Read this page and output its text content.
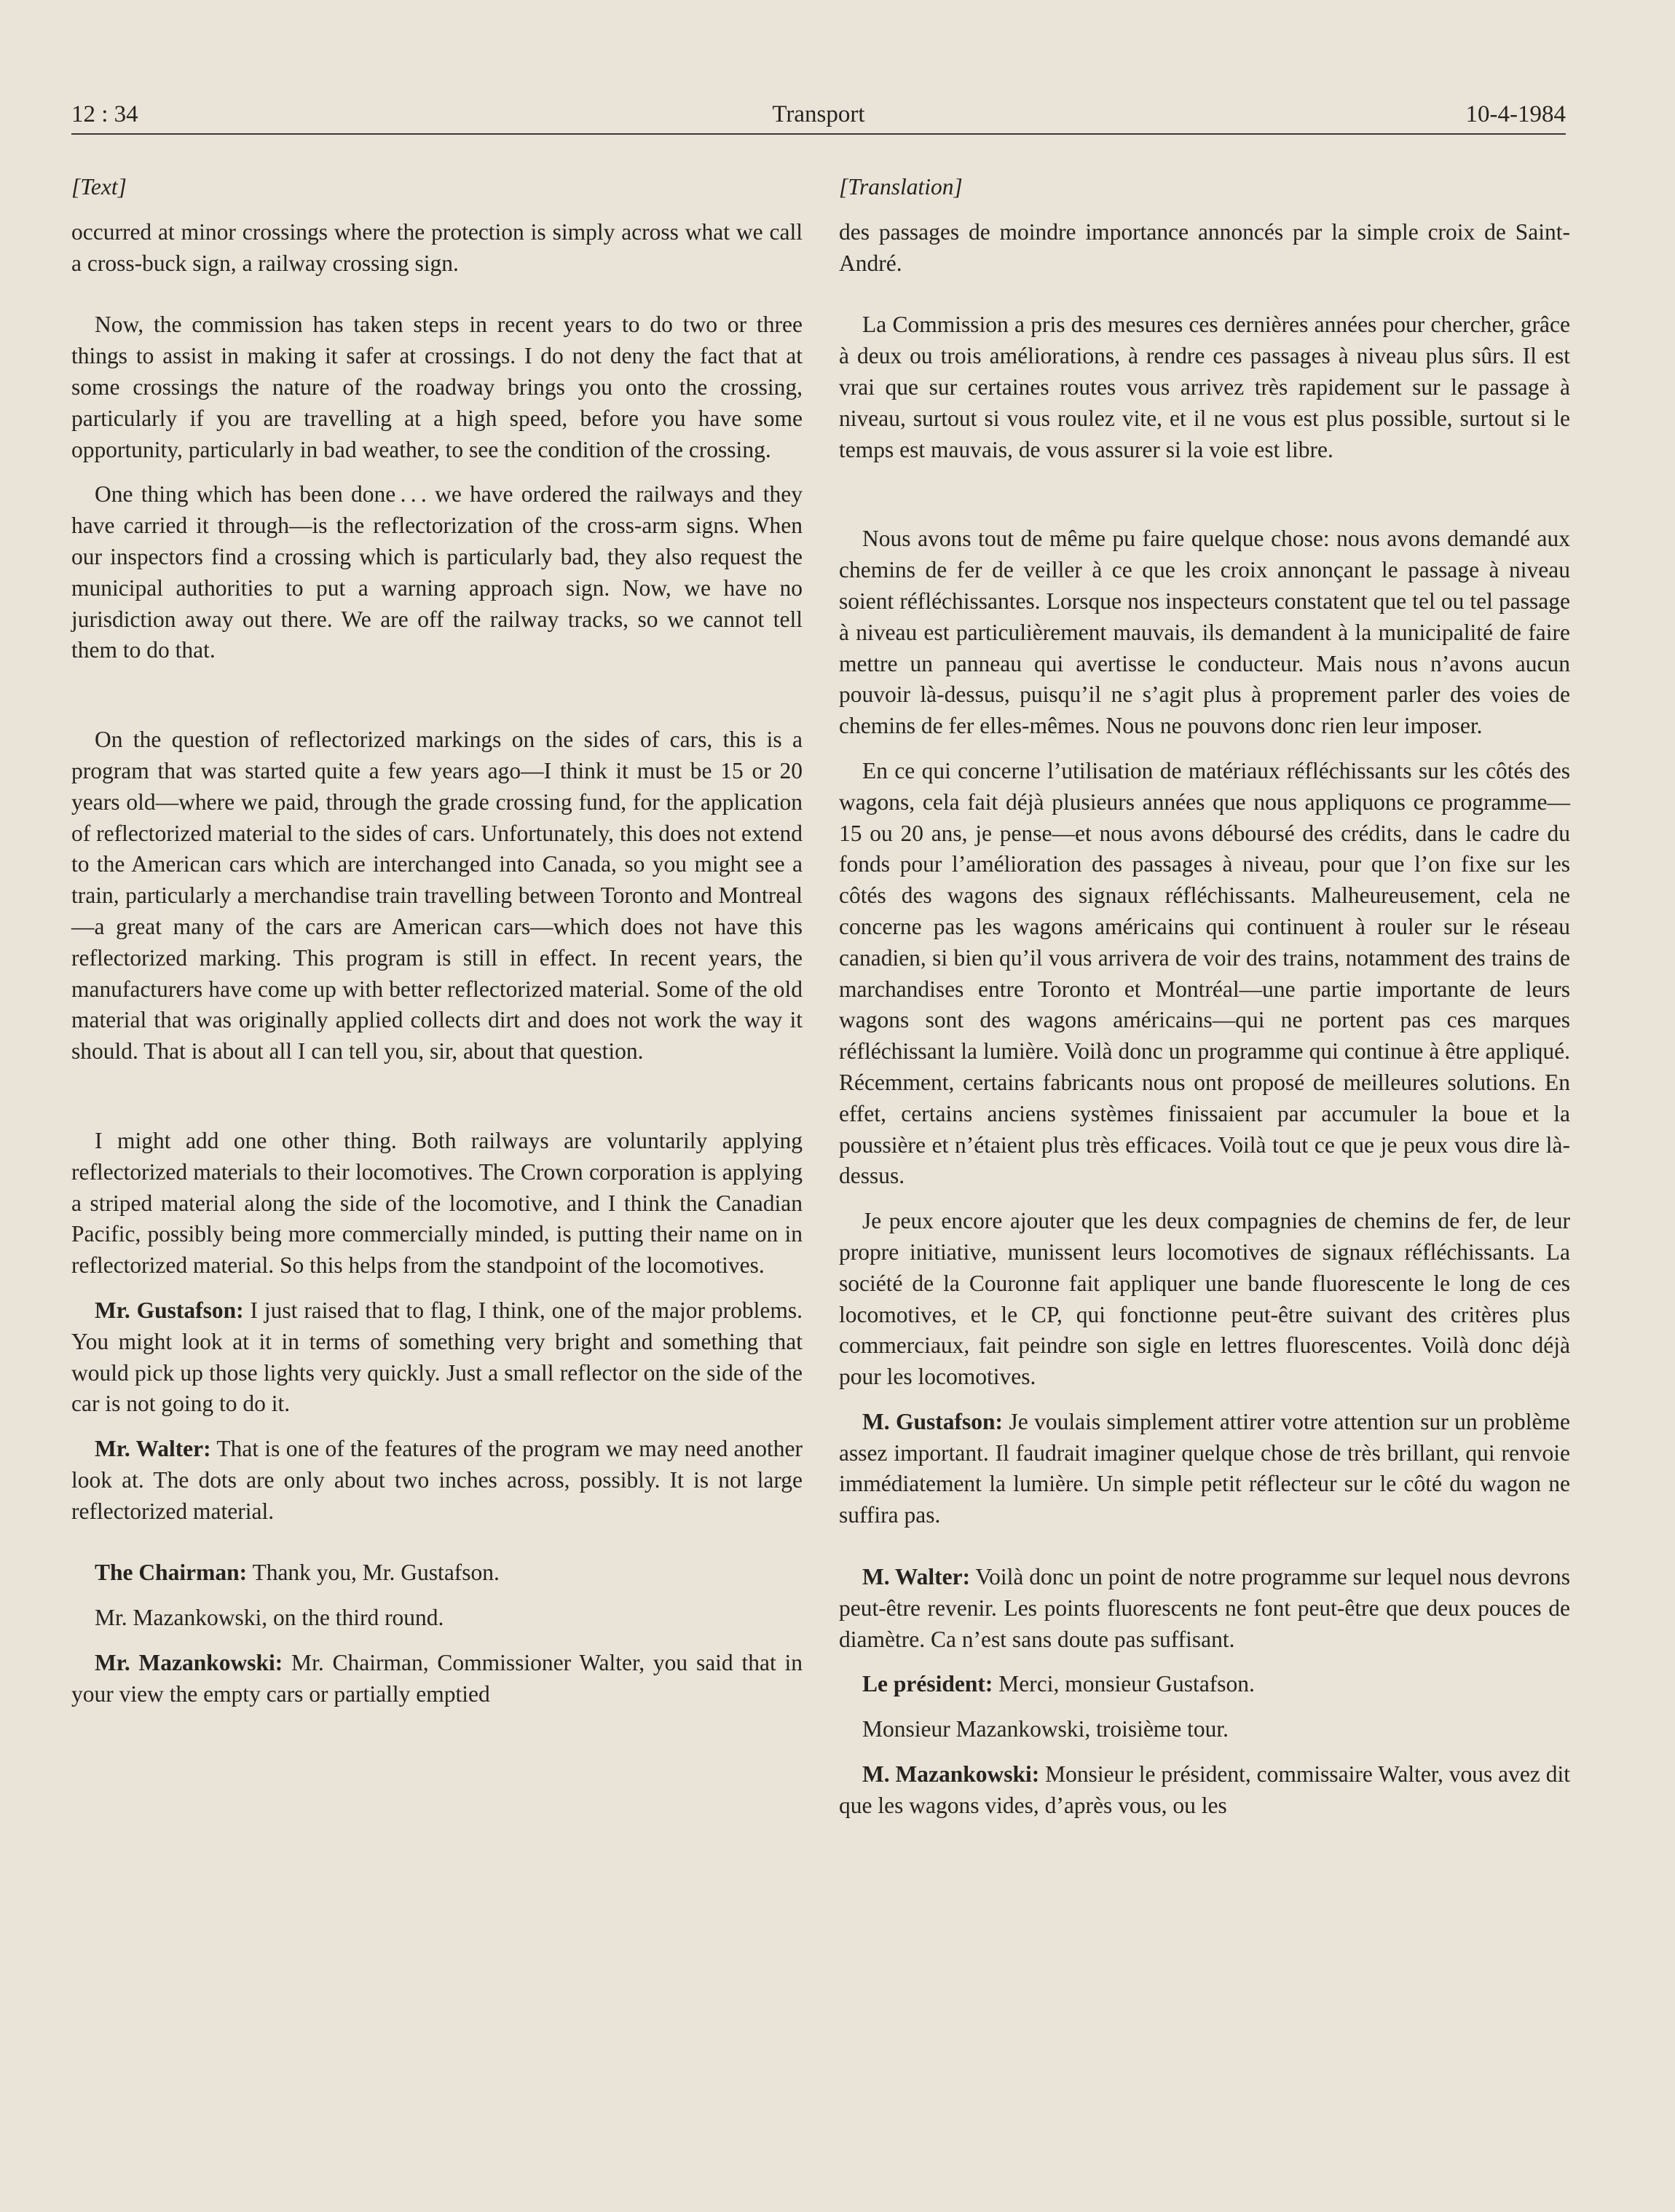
12 : 34	Transport	10-4-1984

[Text]

occurred at minor crossings where the protection is simply across what we call a cross-buck sign, a railway crossing sign.

Now, the commission has taken steps in recent years to do two or three things to assist in making it safer at crossings. I do not deny the fact that at some crossings the nature of the roadway brings you onto the crossing, particularly if you are travelling at a high speed, before you have some opportunity, particularly in bad weather, to see the condition of the crossing.

One thing which has been done . . . we have ordered the railways and they have carried it through—is the reflectorization of the cross-arm signs. When our inspectors find a crossing which is particularly bad, they also request the municipal authorities to put a warning approach sign. Now, we have no jurisdiction away out there. We are off the railway tracks, so we cannot tell them to do that.

On the question of reflectorized markings on the sides of cars, this is a program that was started quite a few years ago—I think it must be 15 or 20 years old—where we paid, through the grade crossing fund, for the application of reflectorized material to the sides of cars. Unfortunately, this does not extend to the American cars which are interchanged into Canada, so you might see a train, particularly a merchandise train travelling between Toronto and Montreal—a great many of the cars are American cars—which does not have this reflectorized marking. This program is still in effect. In recent years, the manufacturers have come up with better reflectorized material. Some of the old material that was originally applied collects dirt and does not work the way it should. That is about all I can tell you, sir, about that question.

I might add one other thing. Both railways are voluntarily applying reflectorized materials to their locomotives. The Crown corporation is applying a striped material along the side of the locomotive, and I think the Canadian Pacific, possibly being more commercially minded, is putting their name on in reflectorized material. So this helps from the standpoint of the locomotives.

Mr. Gustafson: I just raised that to flag, I think, one of the major problems. You might look at it in terms of something very bright and something that would pick up those lights very quickly. Just a small reflector on the side of the car is not going to do it.

Mr. Walter: That is one of the features of the program we may need another look at. The dots are only about two inches across, possibly. It is not large reflectorized material.

The Chairman: Thank you, Mr. Gustafson.

Mr. Mazankowski, on the third round.

Mr. Mazankowski: Mr. Chairman, Commissioner Walter, you said that in your view the empty cars or partially emptied

[Translation]

des passages de moindre importance annoncés par la simple croix de Saint-André.

La Commission a pris des mesures ces dernières années pour chercher, grâce à deux ou trois améliorations, à rendre ces passages à niveau plus sûrs. Il est vrai que sur certaines routes vous arrivez très rapidement sur le passage à niveau, surtout si vous roulez vite, et il ne vous est plus possible, surtout si le temps est mauvais, de vous assurer si la voie est libre.

Nous avons tout de même pu faire quelque chose: nous avons demandé aux chemins de fer de veiller à ce que les croix annonçant le passage à niveau soient réfléchissantes. Lorsque nos inspecteurs constatent que tel ou tel passage à niveau est particulièrement mauvais, ils demandent à la municipalité de faire mettre un panneau qui avertisse le conducteur. Mais nous n’avons aucun pouvoir là-dessus, puisqu’il ne s’agit plus à proprement parler des voies de chemins de fer elles-mêmes. Nous ne pouvons donc rien leur imposer.

En ce qui concerne l’utilisation de matériaux réfléchissants sur les côtés des wagons, cela fait déjà plusieurs années que nous appliquons ce programme—15 ou 20 ans, je pense—et nous avons déboursé des crédits, dans le cadre du fonds pour l’amélioration des passages à niveau, pour que l’on fixe sur les côtés des wagons des signaux réfléchissants. Malheureusement, cela ne concerne pas les wagons américains qui continuent à rouler sur le réseau canadien, si bien qu’il vous arrivera de voir des trains, notamment des trains de marchandises entre Toronto et Montréal—une partie importante de leurs wagons sont des wagons américains—qui ne portent pas ces marques réfléchissant la lumière. Voilà donc un programme qui continue à être appliqué. Récemment, certains fabricants nous ont proposé de meilleures solutions. En effet, certains anciens systèmes finissaient par accumuler la boue et la poussière et n’étaient plus très efficaces. Voilà tout ce que je peux vous dire là-dessus.

Je peux encore ajouter que les deux compagnies de chemins de fer, de leur propre initiative, munissent leurs locomotives de signaux réfléchissants. La société de la Couronne fait appliquer une bande fluorescente le long de ces locomotives, et le CP, qui fonctionne peut-être suivant des critères plus commerciaux, fait peindre son sigle en lettres fluorescentes. Voilà donc déjà pour les locomotives.

M. Gustafson: Je voulais simplement attirer votre attention sur un problème assez important. Il faudrait imaginer quelque chose de très brillant, qui renvoie immédiatement la lumière. Un simple petit réflecteur sur le côté du wagon ne suffira pas.

M. Walter: Voilà donc un point de notre programme sur lequel nous devrons peut-être revenir. Les points fluorescents ne font peut-être que deux pouces de diamètre. Ca n’est sans doute pas suffisant.

Le président: Merci, monsieur Gustafson.

Monsieur Mazankowski, troisième tour.

M. Mazankowski: Monsieur le président, commissaire Walter, vous avez dit que les wagons vides, d’après vous, ou les
